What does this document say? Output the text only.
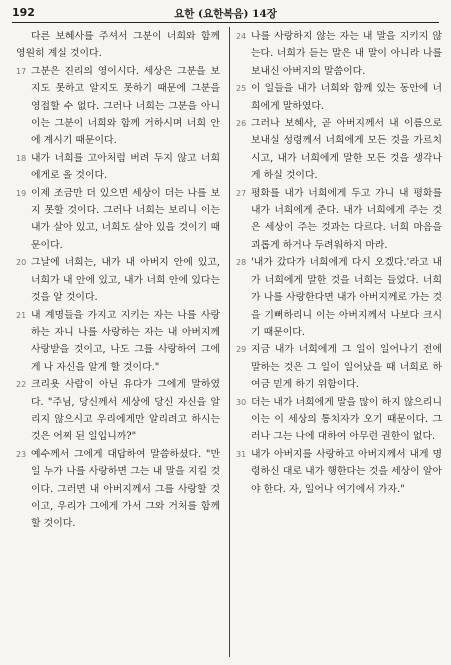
192	요한 (요한복음) 14장

다른 보혜사를 주셔서 그분이 너희와 함께 영원히 계실 것이다.

17 그분은 진리의 영이시다. 세상은 그분을 보지도 못하고 알지도 못하기 때문에 그분을 영접할 수 없다. 그러나 너희는 그분을 아니 이는 그분이 너희와 함께 거하시며 너희 안에 계시기 때문이다.

18 내가 너희를 고아처럼 버려 두지 않고 너희에게로 올 것이다.

19 이제 조금만 더 있으면 세상이 더는 나를 보지 못할 것이다. 그러나 너희는 보리니 이는 내가 살아 있고, 너희도 살아 있을 것이기 때문이다.

20 그날에 너희는, 내가 내 아버지 안에 있고, 너희가 내 안에 있고, 내가 너희 안에 있다는 것을 알 것이다.

21 내 계명들을 가지고 지키는 자는 나를 사랑하는 자니 나를 사랑하는 자는 내 아버지께 사랑받을 것이고, 나도 그를 사랑하여 그에게 나 자신을 알게 할 것이다."

22 크리욧 사람이 아닌 유다가 그에게 말하였다. "주님, 당신께서 세상에 당신 자신을 알리지 않으시고 우리에게만 알리려고 하시는 것은 어찌 된 일입니까?"

23 예수께서 그에게 대답하여 말씀하셨다. "만일 누가 나를 사랑하면 그는 내 말을 지킬 것이다. 그러면 내 아버지께서 그를 사랑할 것이고, 우리가 그에게 가서 그와 거처를 함께 할 것이다.

24 나를 사랑하지 않는 자는 내 말을 지키지 않는다. 너희가 듣는 말은 내 말이 아니라 나를 보내신 아버지의 말씀이다.

25 이 일들을 내가 너희와 함께 있는 동안에 너희에게 말하였다.

26 그러나 보혜사, 곧 아버지께서 내 이름으로 보내실 성령께서 너희에게 모든 것을 가르치시고, 내가 너희에게 말한 모든 것을 생각나게 하실 것이다.

27 평화를 내가 너희에게 두고 가니 내 평화를 내가 너희에게 준다. 내가 너희에게 주는 것은 세상이 주는 것과는 다르다. 너희 마음을 괴롭게 하거나 두려워하지 마라.

28 '내가 갔다가 너희에게 다시 오겠다.'라고 내가 너희에게 말한 것을 너희는 들었다. 너희가 나를 사랑한다면 내가 아버지께로 가는 것을 기뻐하리니 이는 아버지께서 나보다 크시기 때문이다.

29 지금 내가 너희에게 그 일이 일어나기 전에 말하는 것은 그 일이 일어났을 때 너희로 하여금 믿게 하기 위함이다.

30 더는 내가 너희에게 말을 많이 하지 않으리니 이는 이 세상의 통치자가 오기 때문이다. 그러나 그는 나에 대하여 아무런 권한이 없다.

31 내가 아버지를 사랑하고 아버지께서 내게 명령하신 대로 내가 행한다는 것을 세상이 알아야 한다. 자, 일어나 여기에서 가자."
